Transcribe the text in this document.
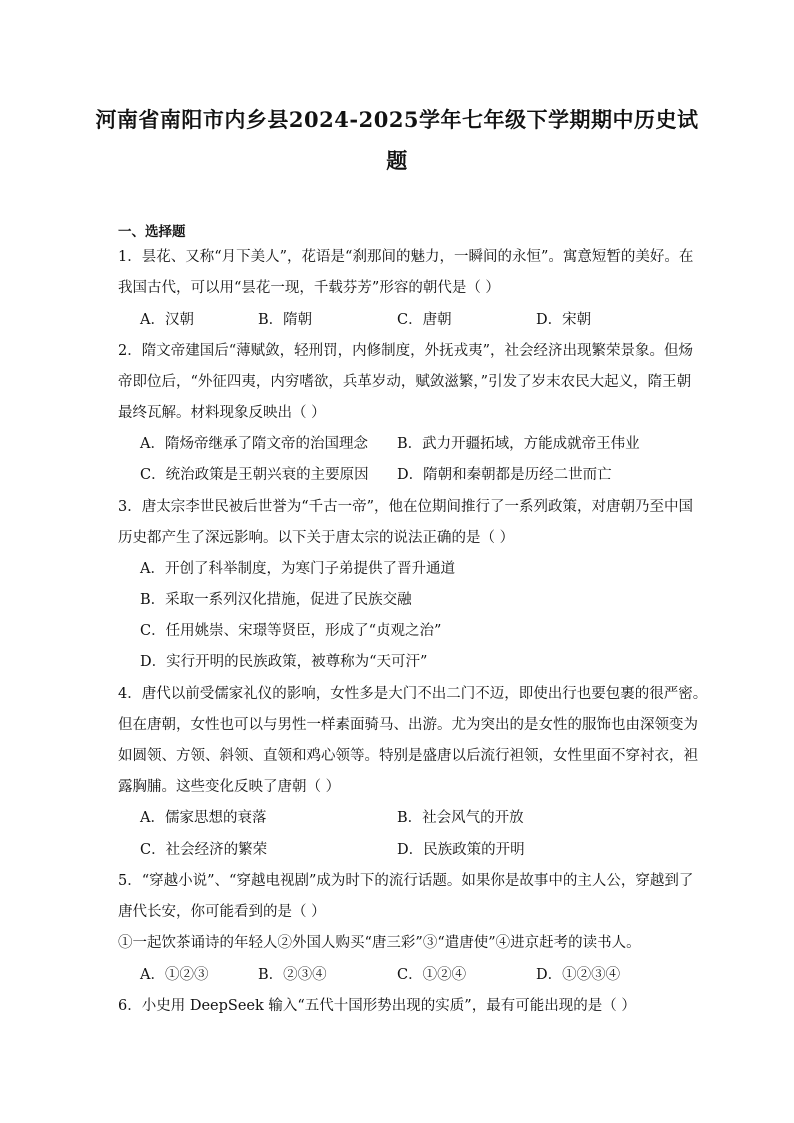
河南省南阳市内乡县2024-2025学年七年级下学期期中历史试
题
一、选择题
1．昙花、又称“月下美人”，花语是“刹那间的魅力，一瞬间的永恒”。寓意短暂的美好。在
我国古代，可以用“昙花一现，千载芬芳”形容的朝代是（ ）
A．汉朝	B．隋朝	C．唐朝	D．宋朝
2．隋文帝建国后“薄赋敛，轻刑罚，内修制度，外抚戎夷”，社会经济出现繁荣景象。但炀
帝即位后，“外征四夷，内穷嗜欲，兵革岁动，赋敛滋繁，”引发了岁末农民大起义，隋王朝
最终瓦解。材料现象反映出（ ）
A．隋炀帝继承了隋文帝的治国理念 B．武力开疆拓域，方能成就帝王伟业
C．统治政策是王朝兴衰的主要原因 D．隋朝和秦朝都是历经二世而亡
3．唐太宗李世民被后世誉为“千古一帝”，他在位期间推行了一系列政策，对唐朝乃至中国
历史都产生了深远影响。以下关于唐太宗的说法正确的是（ ）
A．开创了科举制度，为寒门子弟提供了晋升通道
B．采取一系列汉化措施，促进了民族交融
C．任用姚崇、宋璟等贤臣，形成了“贞观之治”
D．实行开明的民族政策，被尊称为“天可汗”
4．唐代以前受儒家礼仪的影响，女性多是大门不出二门不迈，即使出行也要包裹的很严密。
但在唐朝，女性也可以与男性一样素面骑马、出游。尤为突出的是女性的服饰也由深领变为
如圆领、方领、斜领、直领和鸡心领等。特别是盛唐以后流行袒领，女性里面不穿衬衣，袒
露胸脯。这些变化反映了唐朝（ ）
A．儒家思想的衰落	B．社会风气的开放
C．社会经济的繁荣	D．民族政策的开明
5．“穿越小说”、“穿越电视剧”成为时下的流行话题。如果你是故事中的主人公，穿越到了
唐代长安，你可能看到的是（ ）
①一起饮茶诵诗的年轻人②外国人购买“唐三彩”③“遣唐使”④进京赶考的读书人。
A．①②③	B．②③④	C．①②④	D．①②③④
6．小史用 DeepSeek 输入“五代十国形势出现的实质”，最有可能出现的是（ ）
